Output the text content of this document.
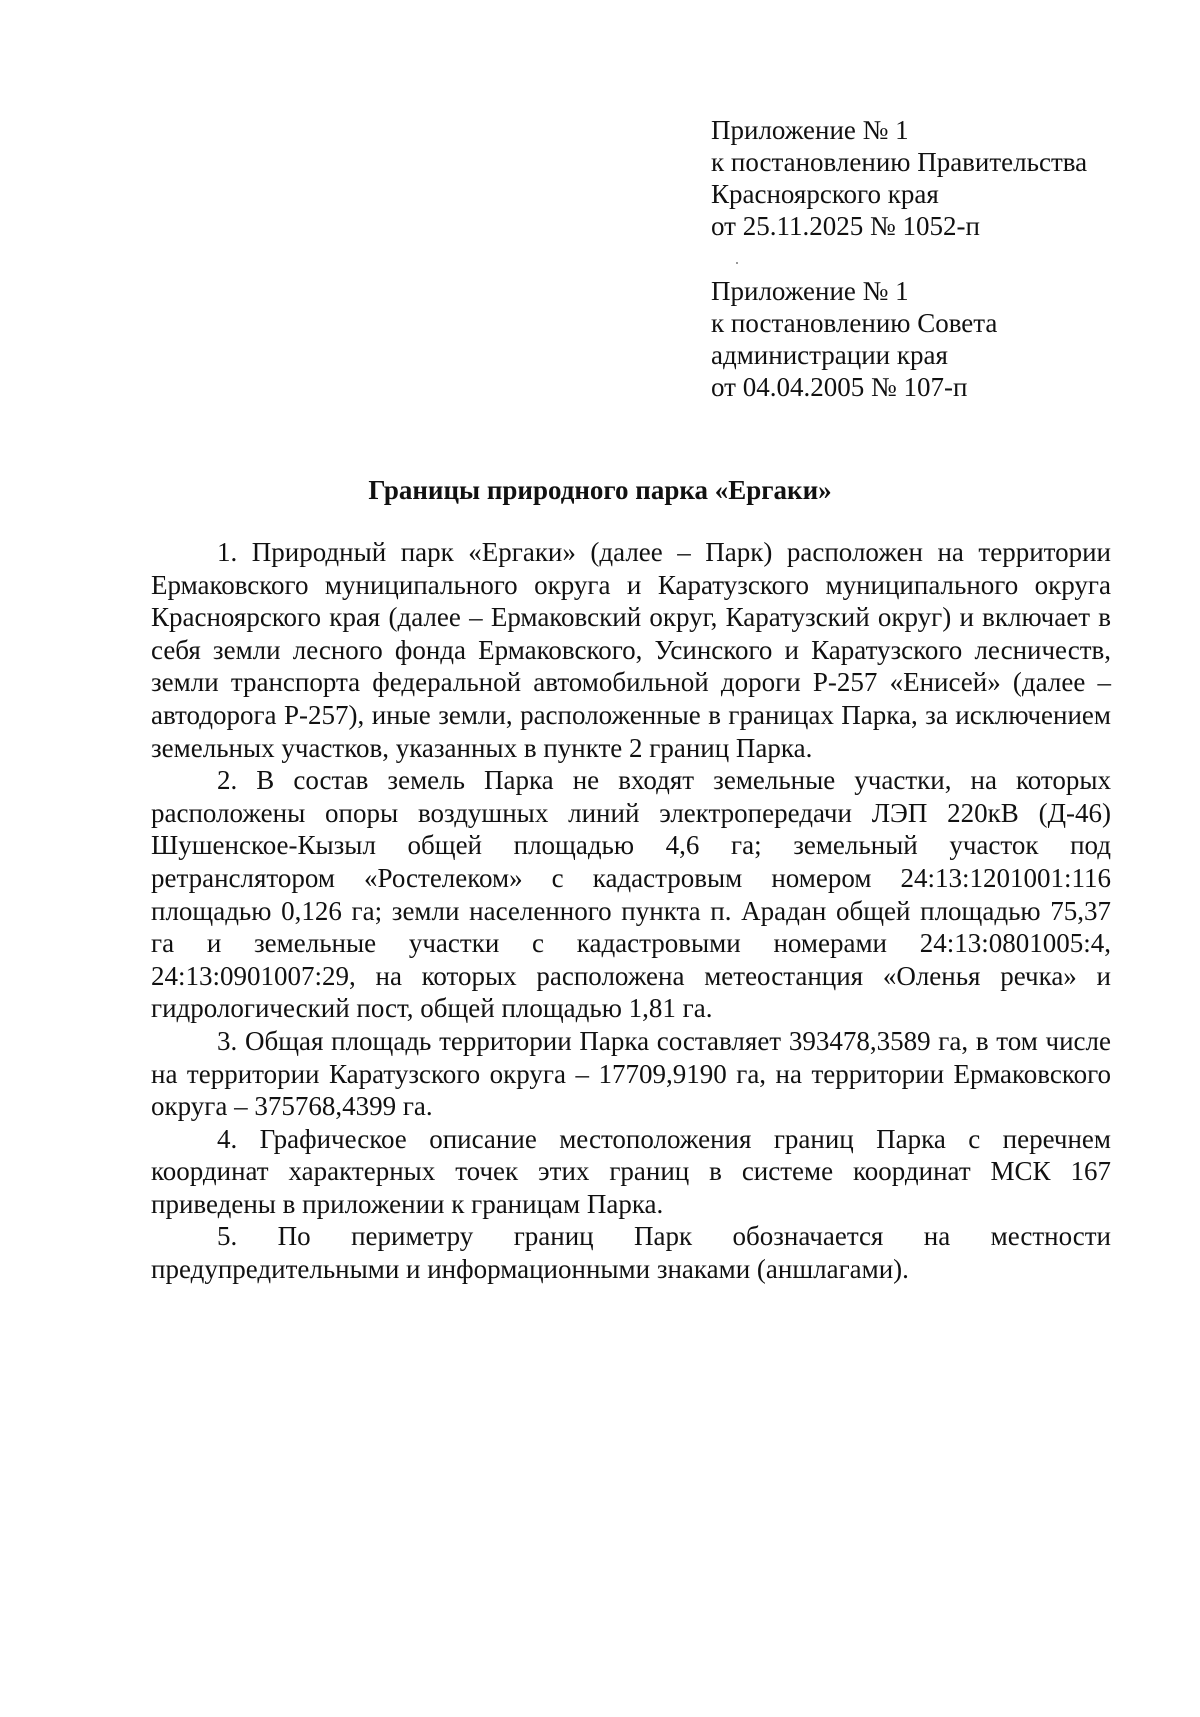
Приложение № 1
к постановлению Правительства
Красноярского края
от 25.11.2025 № 1052-п
Приложение № 1
к постановлению Совета
администрации края
от 04.04.2005 № 107-п
Границы природного парка «Ергаки»

1. Природный парк «Ергаки» (далее – Парк) расположен на территории Ермаковского муниципального округа и Каратузского муниципального округа Красноярского края (далее – Ермаковский округ, Каратузский округ) и включает в себя земли лесного фонда Ермаковского, Усинского и Каратузского лесничеств, земли транспорта федеральной автомобильной дороги Р-257 «Енисей» (далее – автодорога Р-257), иные земли, расположенные в границах Парка, за исключением земельных участков, указанных в пункте 2 границ Парка.

2. В состав земель Парка не входят земельные участки, на которых расположены опоры воздушных линий электропередачи ЛЭП 220кВ (Д-46) Шушенское-Кызыл общей площадью 4,6 га; земельный участок под ретранслятором «Ростелеком» с кадастровым номером 24:13:1201001:116 площадью 0,126 га; земли населенного пункта п. Арадан общей площадью 75,37 га и земельные участки с кадастровыми номерами 24:13:0801005:4, 24:13:0901007:29, на которых расположена метеостанция «Оленья речка» и гидрологический пост, общей площадью 1,81 га.

3. Общая площадь территории Парка составляет 393478,3589 га, в том числе на территории Каратузского округа – 17709,9190 га, на территории Ермаковского округа – 375768,4399 га.

4. Графическое описание местоположения границ Парка с перечнем координат характерных точек этих границ в системе координат МСК 167 приведены в приложении к границам Парка.

5. По периметру границ Парк обозначается на местности предупредительными и информационными знаками (аншлагами).
